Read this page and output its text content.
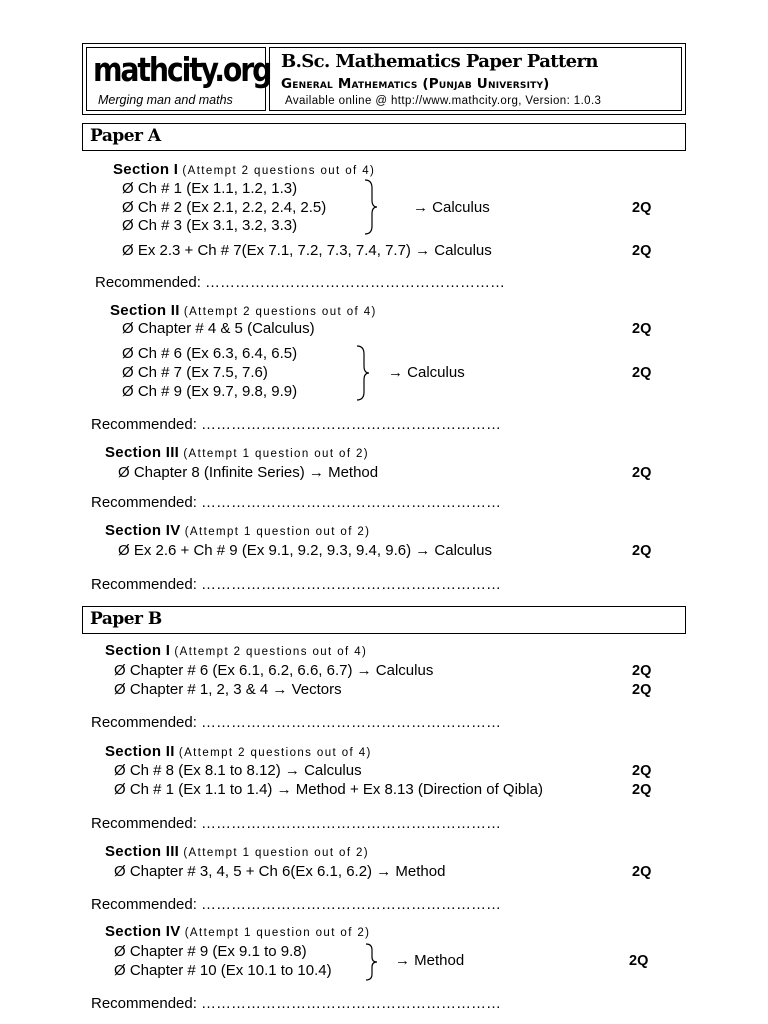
mathcity.org
Merging man and maths
B.Sc. Mathematics Paper Pattern
General Mathematics (Punjab University)
Available online @ http://www.mathcity.org, Version: 1.0.3
Paper A
Section I (Attempt 2 questions out of 4)
Ø Ch # 1 (Ex 1.1, 1.2, 1.3)
Ø Ch # 2 (Ex 2.1, 2.2, 2.4, 2.5)
Ø Ch # 3 (Ex 3.1, 3.2, 3.3)
→ Calculus	2Q
Ø Ex 2.3 + Ch # 7(Ex 7.1, 7.2, 7.3, 7.4, 7.7) → Calculus	2Q
Recommended: ……………………………………………………
Section II (Attempt 2 questions out of 4)
Ø Chapter # 4 & 5 (Calculus)	2Q
Ø Ch # 6 (Ex 6.3, 6.4, 6.5)
Ø Ch # 7 (Ex 7.5, 7.6)
Ø Ch # 9 (Ex 9.7, 9.8, 9.9)
→ Calculus	2Q
Recommended: ……………………………………………………
Section III (Attempt 1 question out of 2)
Ø Chapter 8 (Infinite Series) → Method	2Q
Recommended: ……………………………………………………
Section IV (Attempt 1 question out of 2)
Ø Ex 2.6 + Ch # 9 (Ex 9.1, 9.2, 9.3, 9.4, 9.6) → Calculus	2Q
Recommended: ……………………………………………………
Paper B
Section I (Attempt 2 questions out of 4)
Ø Chapter # 6 (Ex 6.1, 6.2, 6.6, 6.7) → Calculus	2Q
Ø Chapter # 1, 2, 3 & 4 → Vectors	2Q
Recommended: ……………………………………………………
Section II (Attempt 2 questions out of 4)
Ø Ch # 8 (Ex 8.1 to 8.12) → Calculus	2Q
Ø Ch # 1 (Ex 1.1 to 1.4) → Method + Ex 8.13 (Direction of Qibla)	2Q
Recommended: ……………………………………………………
Section III (Attempt 1 question out of 2)
Ø Chapter # 3, 4, 5 + Ch 6(Ex 6.1, 6.2) → Method	2Q
Recommended: ……………………………………………………
Section IV (Attempt 1 question out of 2)
Ø Chapter # 9 (Ex 9.1 to 9.8)
Ø Chapter # 10 (Ex 10.1 to 10.4)
→ Method	2Q
Recommended: ……………………………………………………
